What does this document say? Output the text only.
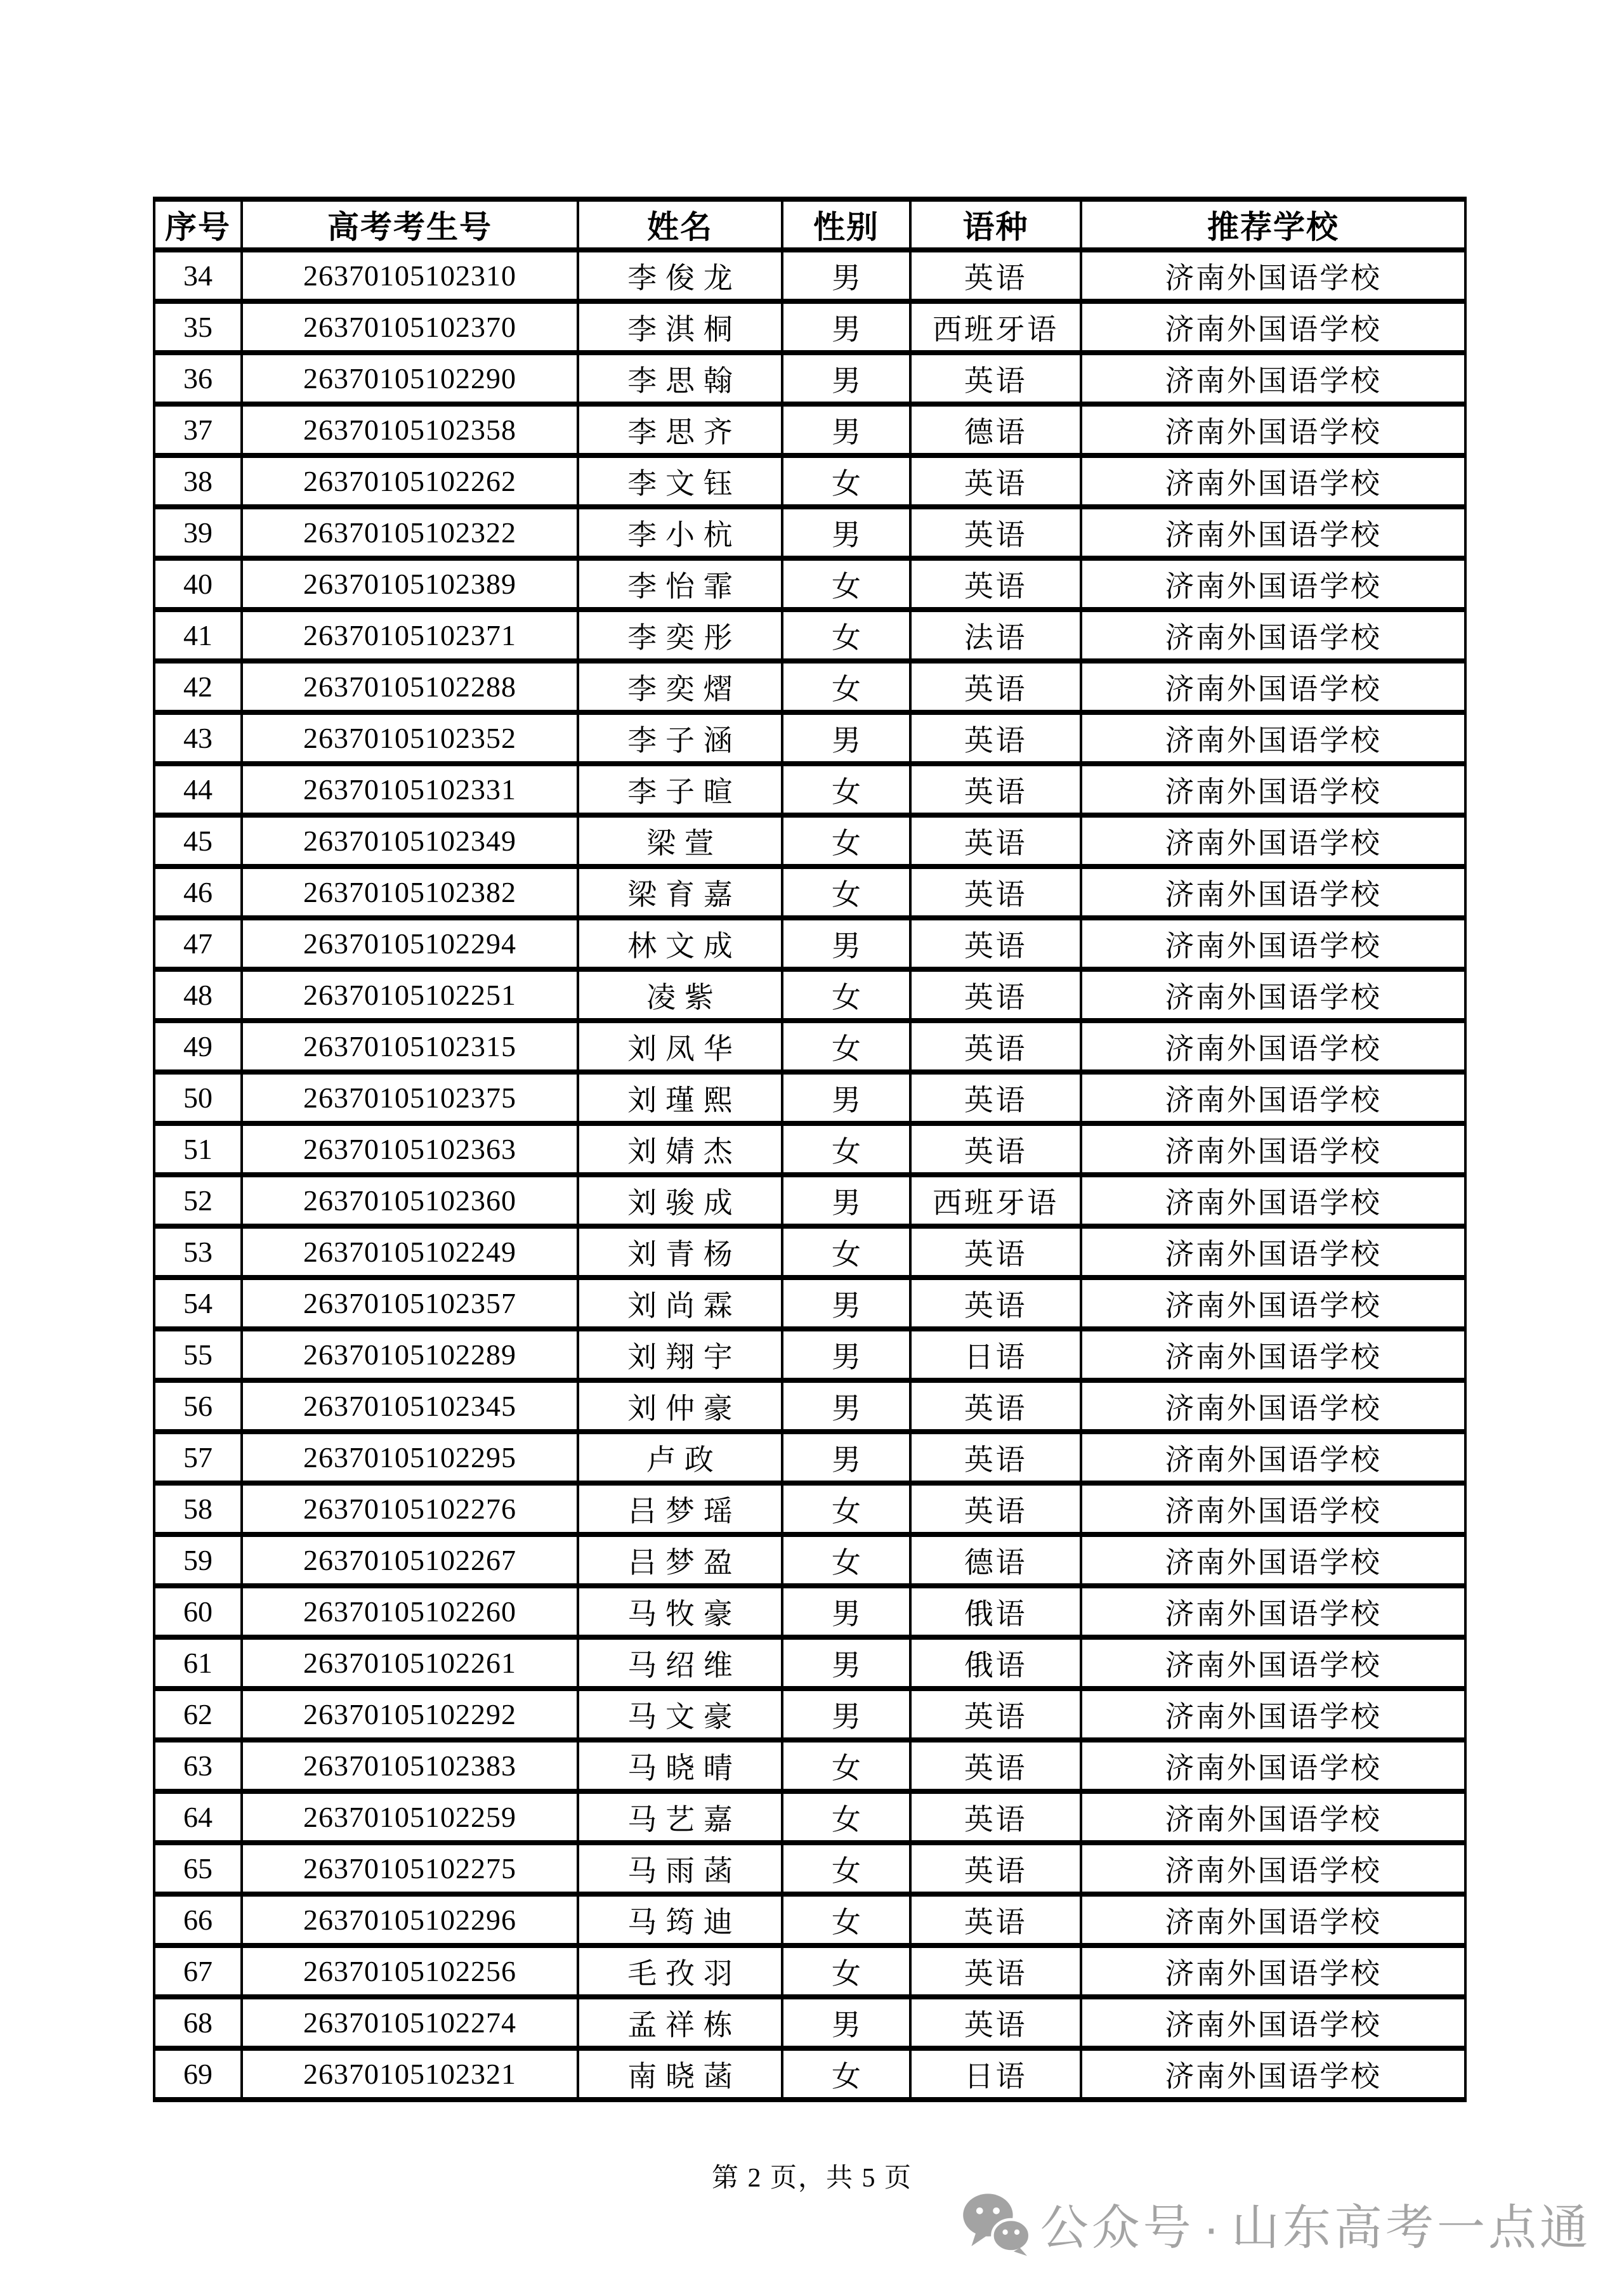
序号	高考考生号	姓名	性别	语种	推荐学校
34	26370105102310	李俊龙	男	英语	济南外国语学校
35	26370105102370	李淇桐	男	西班牙语	济南外国语学校
36	26370105102290	李思翰	男	英语	济南外国语学校
37	26370105102358	李思齐	男	德语	济南外国语学校
38	26370105102262	李文钰	女	英语	济南外国语学校
39	26370105102322	李小杭	男	英语	济南外国语学校
40	26370105102389	李怡霏	女	英语	济南外国语学校
41	26370105102371	李奕彤	女	法语	济南外国语学校
42	26370105102288	李奕熠	女	英语	济南外国语学校
43	26370105102352	李子涵	男	英语	济南外国语学校
44	26370105102331	李子暄	女	英语	济南外国语学校
45	26370105102349	梁萱	女	英语	济南外国语学校
46	26370105102382	梁育嘉	女	英语	济南外国语学校
47	26370105102294	林文成	男	英语	济南外国语学校
48	26370105102251	凌紫	女	英语	济南外国语学校
49	26370105102315	刘凤华	女	英语	济南外国语学校
50	26370105102375	刘瑾熙	男	英语	济南外国语学校
51	26370105102363	刘婧杰	女	英语	济南外国语学校
52	26370105102360	刘骏成	男	西班牙语	济南外国语学校
53	26370105102249	刘青杨	女	英语	济南外国语学校
54	26370105102357	刘尚霖	男	英语	济南外国语学校
55	26370105102289	刘翔宇	男	日语	济南外国语学校
56	26370105102345	刘仲豪	男	英语	济南外国语学校
57	26370105102295	卢政	男	英语	济南外国语学校
58	26370105102276	吕梦瑶	女	英语	济南外国语学校
59	26370105102267	吕梦盈	女	德语	济南外国语学校
60	26370105102260	马牧豪	男	俄语	济南外国语学校
61	26370105102261	马绍维	男	俄语	济南外国语学校
62	26370105102292	马文豪	男	英语	济南外国语学校
63	26370105102383	马晓晴	女	英语	济南外国语学校
64	26370105102259	马艺嘉	女	英语	济南外国语学校
65	26370105102275	马雨菡	女	英语	济南外国语学校
66	26370105102296	马筠迪	女	英语	济南外国语学校
67	26370105102256	毛孜羽	女	英语	济南外国语学校
68	26370105102274	孟祥栋	男	英语	济南外国语学校
69	26370105102321	南晓菡	女	日语	济南外国语学校
第 2 页，共 5 页
公众号 · 山东高考一点通
